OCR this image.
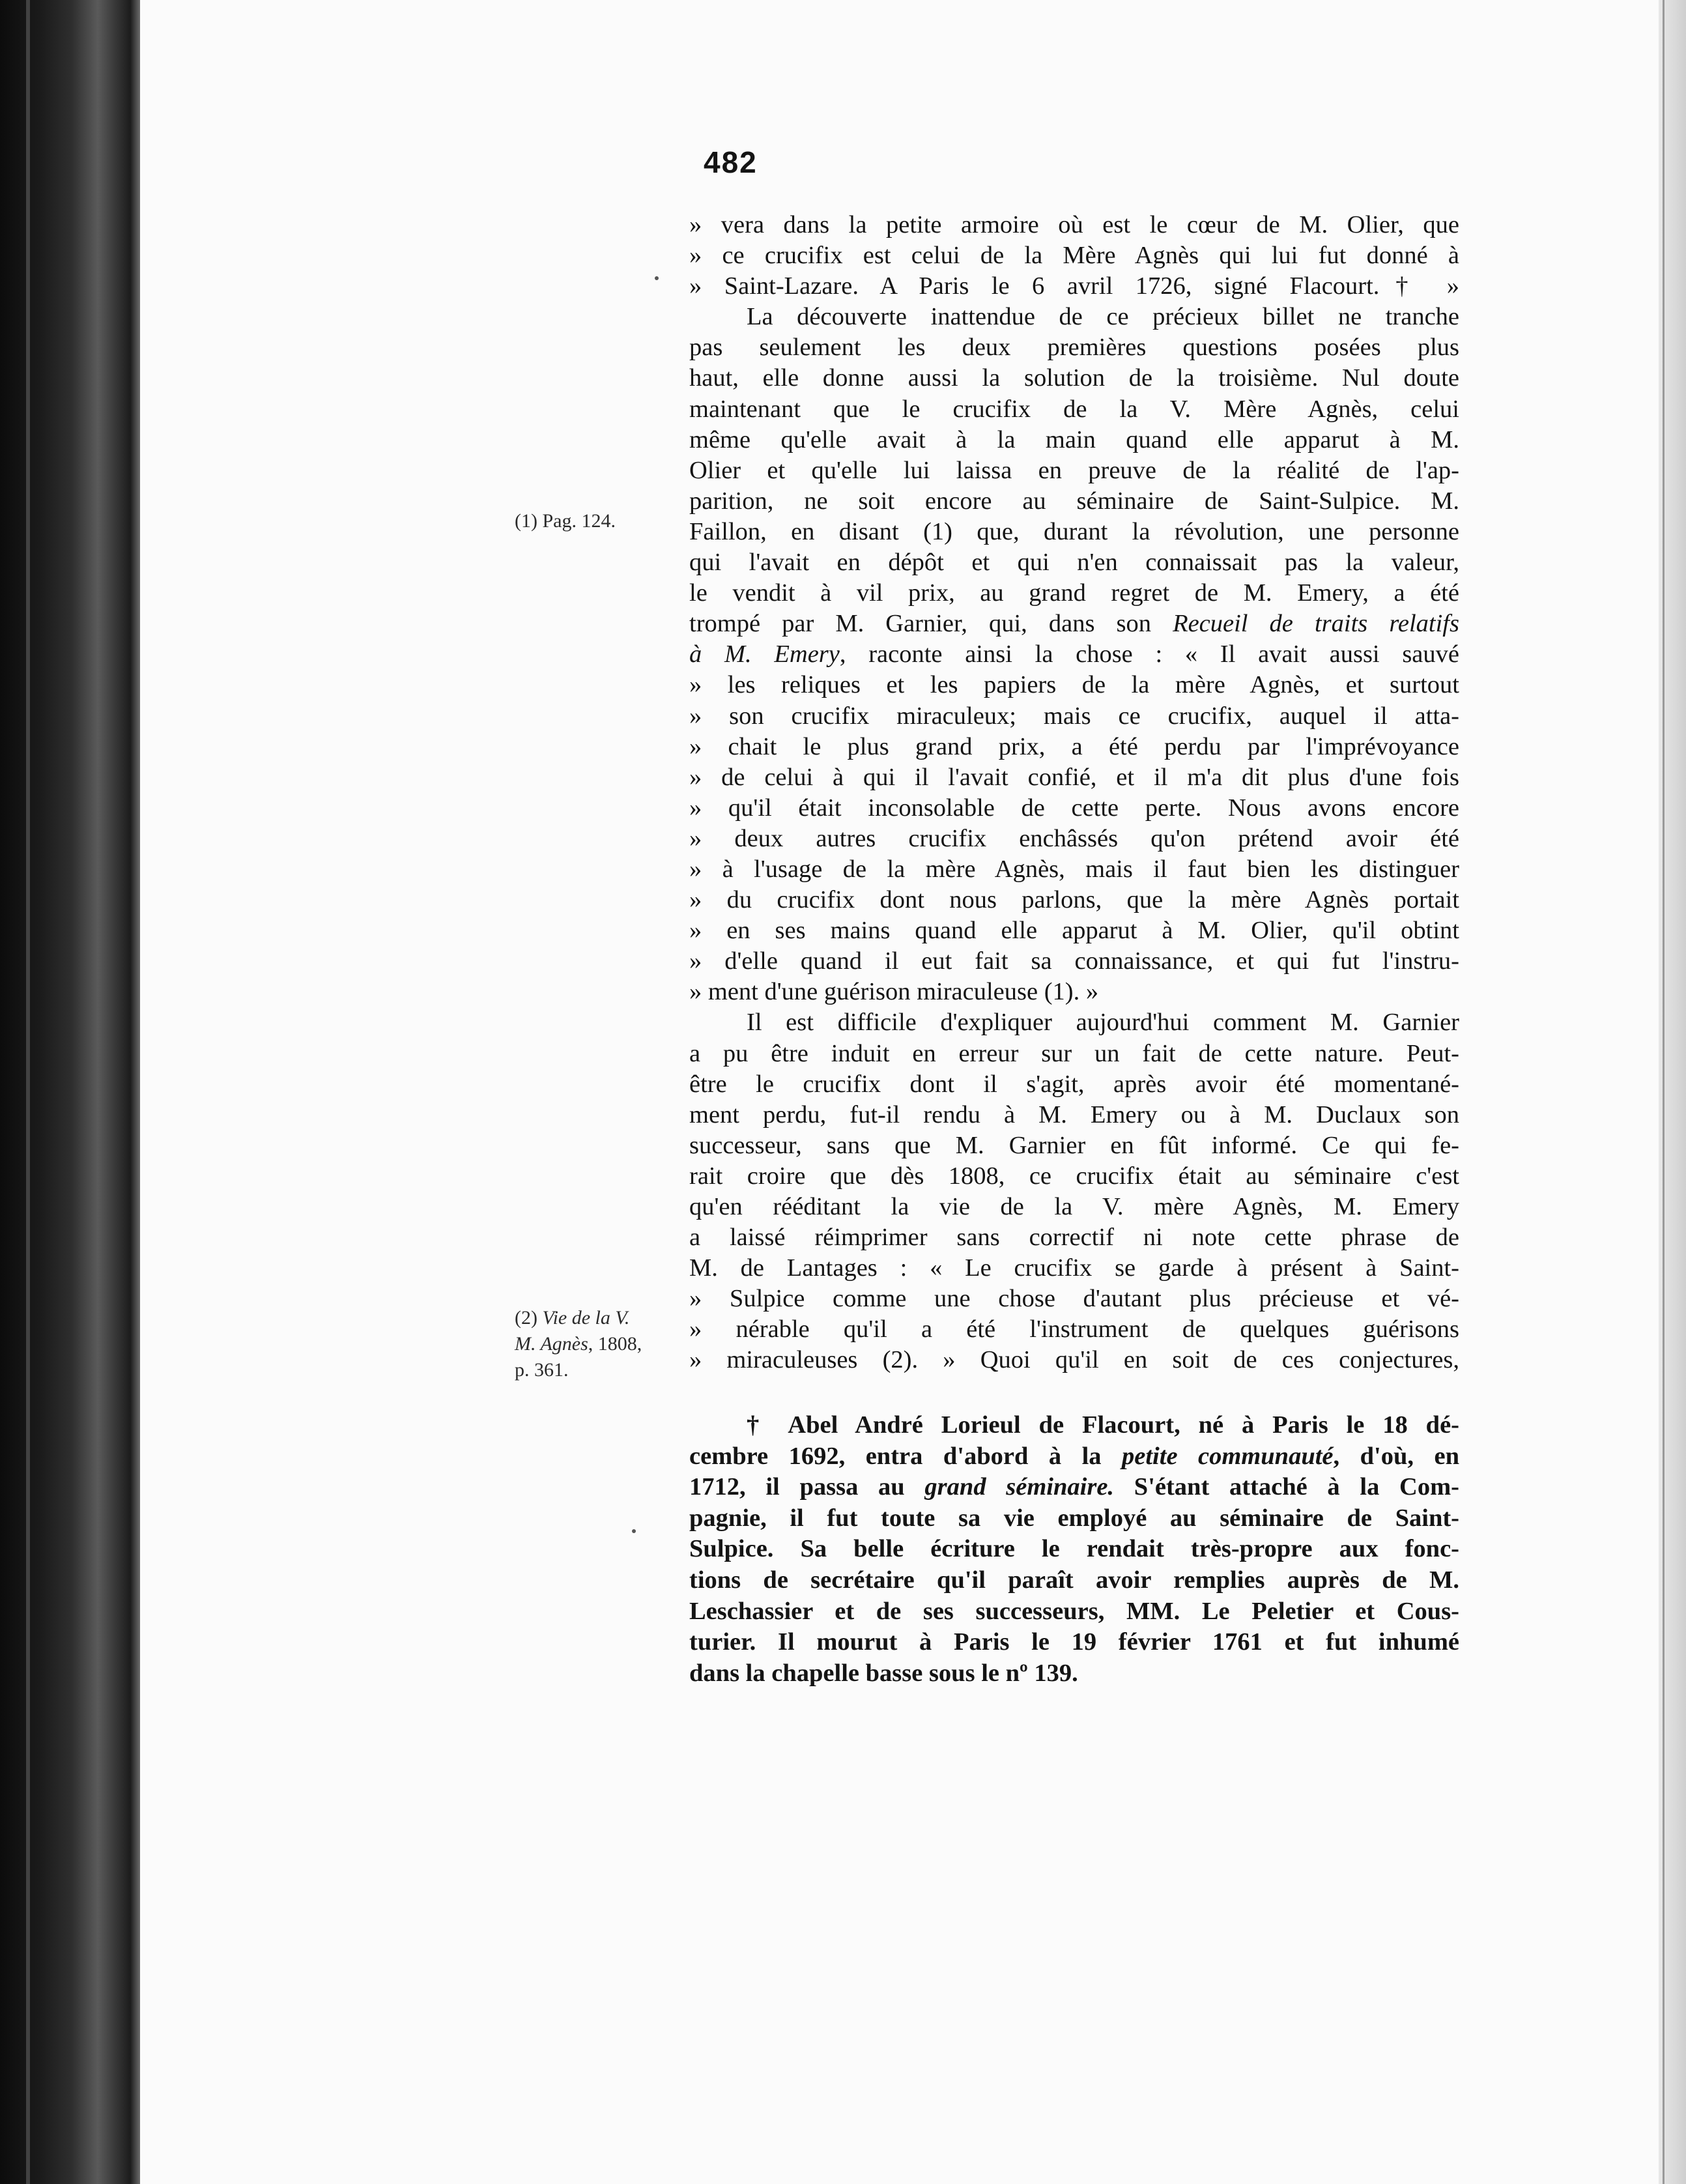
482
» vera dans la petite armoire où est le cœur de M. Olier, que
» ce crucifix est celui de la Mère Agnès qui lui fut donné à
» Saint-Lazare. A Paris le 6 avril 1726, signé Flacourt.† »
La découverte inattendue de ce précieux billet ne tranche
pas seulement les deux premières questions posées plus
haut, elle donne aussi la solution de la troisième. Nul doute
maintenant que le crucifix de la V. Mère Agnès, celui
même qu'elle avait à la main quand elle apparut à M.
Olier et qu'elle lui laissa en preuve de la réalité de l'ap-
parition, ne soit encore au séminaire de Saint-Sulpice. M.
Faillon, en disant (1) que, durant la révolution, une personne
qui l'avait en dépôt et qui n'en connaissait pas la valeur,
le vendit à vil prix, au grand regret de M. Emery, a été
trompé par M. Garnier, qui, dans son Recueil de traits relatifs
à M. Emery, raconte ainsi la chose : « Il avait aussi sauvé
» les reliques et les papiers de la mère Agnès, et surtout
» son crucifix miraculeux; mais ce crucifix, auquel il atta-
» chait le plus grand prix, a été perdu par l'imprévoyance
» de celui à qui il l'avait confié, et il m'a dit plus d'une fois
» qu'il était inconsolable de cette perte. Nous avons encore
» deux autres crucifix enchâssés qu'on prétend avoir été
» à l'usage de la mère Agnès, mais il faut bien les distinguer
» du crucifix dont nous parlons, que la mère Agnès portait
» en ses mains quand elle apparut à M. Olier, qu'il obtint
» d'elle quand il eut fait sa connaissance, et qui fut l'instru-
» ment d'une guérison miraculeuse (1). »
Il est difficile d'expliquer aujourd'hui comment M. Garnier
a pu être induit en erreur sur un fait de cette nature. Peut-
être le crucifix dont il s'agit, après avoir été momentané-
ment perdu, fut-il rendu à M. Emery ou à M. Duclaux son
successeur, sans que M. Garnier en fût informé. Ce qui fe-
rait croire que dès 1808, ce crucifix était au séminaire c'est
qu'en rééditant la vie de la V. mère Agnès, M. Emery
a laissé réimprimer sans correctif ni note cette phrase de
M. de Lantages : « Le crucifix se garde à présent à Saint-
» Sulpice comme une chose d'autant plus précieuse et vé-
» nérable qu'il a été l'instrument de quelques guérisons
» miraculeuses (2). » Quoi qu'il en soit de ces conjectures,
† Abel André Lorieul de Flacourt, né à Paris le 18 dé-
cembre 1692, entra d'abord à la petite communauté, d'où, en
1712, il passa au grand séminaire. S'étant attaché à la Com-
pagnie, il fut toute sa vie employé au séminaire de Saint-
Sulpice. Sa belle écriture le rendait très-propre aux fonc-
tions de secrétaire qu'il paraît avoir remplies auprès de M.
Leschassier et de ses successeurs, MM. Le Peletier et Cous-
turier. Il mourut à Paris le 19 février 1761 et fut inhumé
dans la chapelle basse sous le nº 139.
(1) Pag. 124.
(2) Vie de la V.
M. Agnès, 1808,
p. 361.
